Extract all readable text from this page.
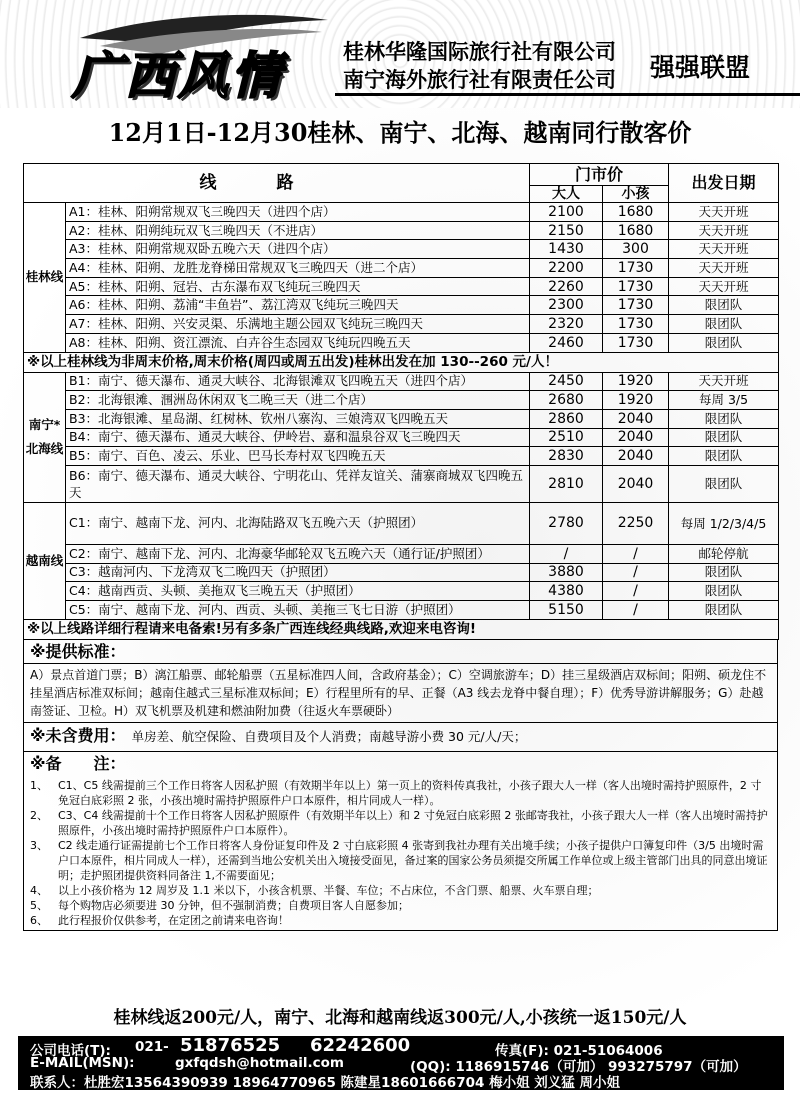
广西风情	桂林华隆国际旅行社有限公司
南宁海外旅行社有限责任公司 强强联盟
12月1日-12月30桂林、南宁、北海、越南同行散客价
线路		门市价		出发日期
		大人	小孩	
桂林线	A1：桂林、阳朔常规双飞三晚四天（进四个店）	2100	1680	天天开班
	A2：桂林、阳朔纯玩双飞三晚四天（不进店）	2150	1680	天天开班
	A3：桂林、阳朔常规双卧五晚六天（进四个店）	1430	300	天天开班
	A4：桂林、阳朔、龙胜龙脊梯田常规双飞三晚四天（进二个店）	2200	1730	天天开班
	A5：桂林、阳朔、冠岩、古东瀑布双飞纯玩三晚四天	2260	1730	天天开班
	A6：桂林、阳朔、荔浦“丰鱼岩”、荔江湾双飞纯玩三晚四天	2300	1730	限团队
	A7：桂林、阳朔、兴安灵渠、乐满地主题公园双飞纯玩三晚四天	2320	1730	限团队
	A8：桂林、阳朔、资江漂流、白卉谷生态园双飞纯玩四晚五天	2460	1730	限团队
※以上桂林线为非周末价格,周末价格(周四或周五出发)桂林出发在加 130--260 元/人！				
南宁*北海线	B1：南宁、德天瀑布、通灵大峡谷、北海银滩双飞四晚五天（进四个店）	2450	1920	天天开班
	B2：北海银滩、涠洲岛休闲双飞二晚三天（进二个店）	2680	1920	每周 3/5
	B3：北海银滩、星岛湖、红树林、钦州八寨沟、三娘湾双飞四晚五天	2860	2040	限团队
	B4：南宁、德天瀑布、通灵大峡谷、伊岭岩、嘉和温泉谷双飞三晚四天	2510	2040	限团队
	B5：南宁、百色、凌云、乐业、巴马长寿村双飞四晚五天	2830	2040	限团队
	B6：南宁、德天瀑布、通灵大峡谷、宁明花山、凭祥友谊关、蒲寨商城双飞四晚五天	2810	2040	限团队
越南线	C1：南宁、越南下龙、河内、北海陆路双飞五晚六天（护照团）	2780	2250	每周 1/2/3/4/5
	C2：南宁、越南下龙、河内、北海豪华邮轮双飞五晚六天（通行证/护照团）	/	/	邮轮停航
	C3：越南河内、下龙湾双飞二晚四天（护照团）	3880	/	限团队
	C4：越南西贡、头顿、美拖双飞三晚五天（护照团）	4380	/	限团队
	C5：南宁、越南下龙、河内、西贡、头顿、美拖三飞七日游（护照团）	5150	/	限团队
※以上线路详细行程请来电备索!另有多条广西连线经典线路,欢迎来电咨询!				
※提供标准：
A）景点首道门票；B）漓江船票、邮轮船票（五星标准四人间，含政府基金）；C）空调旅游车；D）挂三星级酒店双标间；阳朔、硕龙住不挂星酒店标准双标间；越南住越式三星标准双标间；E）行程里所有的早、正餐（A3 线去龙脊中餐自理）；F）优秀导游讲解服务；G）赴越南签证、卫检。H）双飞机票及机建和燃油附加费（往返火车票硬卧）
※未含费用： 单房差、航空保险、自费项目及个人消费；南越导游小费 30 元/人/天；
※备　　注：
1、 C1、C5 线需提前三个工作日将客人因私护照（有效期半年以上）第一页上的资料传真我社，小孩子跟大人一样（客人出境时需持护照原件，2 寸免冠白底彩照 2 张，小孩出境时需持护照原件户口本原件，相片同成人一样）。
2、 C3、C4 线需提前十个工作日将客人因私护照原件（有效期半年以上）和 2 寸免冠白底彩照 2 张邮寄我社，小孩子跟大人一样（客人出境时需持护照原件，小孩出境时需持护照原件户口本原件）。
3、 C2 线走通行证需提前七个工作日将客人身份证复印件及 2 寸白底彩照 4 张寄到我社办理有关出境手续；小孩子提供户口簿复印件（3/5 出境时需户口本原件，相片同成人一样），还需到当地公安机关出入境接受面见，备过案的国家公务员须提交所属工作单位或上级主管部门出具的同意出境证明；走护照团提供资料同备注 1,不需要面见；
4、 以上小孩价格为 12 周岁及 1.1 米以下，小孩含机票、半餐、车位；不占床位，不含门票、船票、火车票自理；
5、 每个购物店必须要进 30 分钟，但不强制消费；自费项目客人自愿参加；
6、 此行程报价仅供参考，在定团之前请来电咨询！
桂林线返200元/人，南宁、北海和越南线返300元/人,小孩统一返150元/人
公司电话(T): 021- 51876525 62242600	传真(F): 021-51064006
E-MAIL(MSN):	gxfqdsh@hotmail.com	(QQ): 1186915746（可加） 993275797（可加）
联系人：杜胜宏13564390939 18964770965 陈建星18601666704 梅小姐 刘义猛 周小姐
